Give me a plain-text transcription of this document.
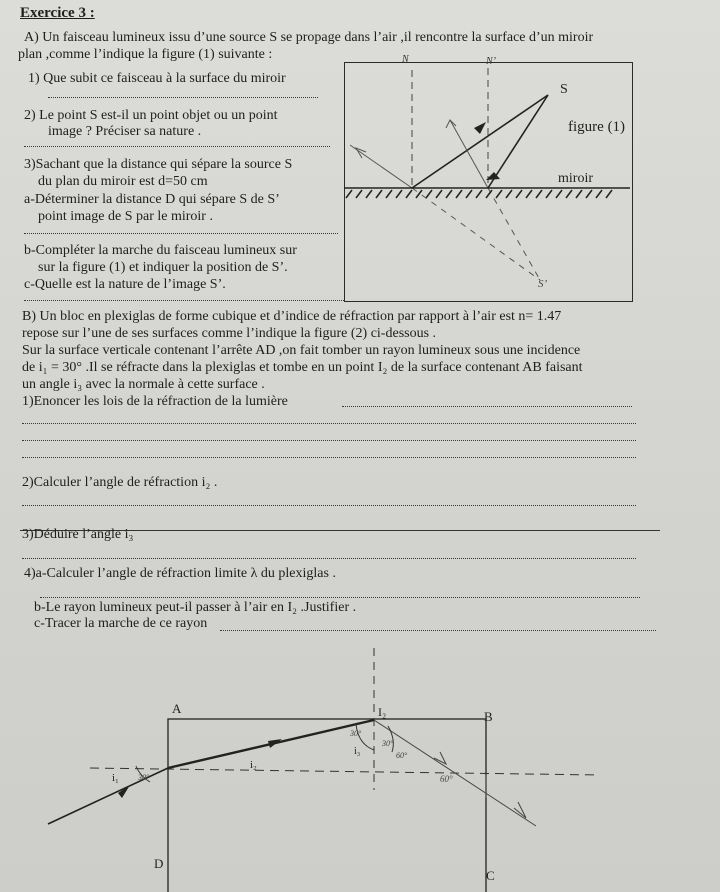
Exercice 3 :
A) Un faisceau lumineux issu d’une source S se propage dans l’air ,il rencontre la surface d’un miroir
plan ,comme l’indique la figure (1) suivante :
S
figure (1)
miroir
N	N’
S’
1) Que subit ce faisceau à la surface du miroir
2) Le point S est-il un point objet ou un point
image ? Préciser sa nature .
3)Sachant que la distance qui sépare la source S
du plan du miroir est d=50 cm
a-Déterminer la distance D qui sépare S de S’
point image de S par le miroir .
b-Compléter la marche du faisceau lumineux sur
sur la figure (1) et indiquer la position de S’.
c-Quelle est la nature de l’image S’.
B) Un bloc en plexiglas de forme cubique et d’indice de réfraction par rapport à l’air est n= 1.47
repose sur l’une de ses surfaces comme l’indique la figure (2) ci-dessous .
Sur la surface verticale contenant l’arrête AD ,on fait tomber un rayon lumineux sous une incidence
de i₁ = 30° .Il se réfracte dans la plexiglas et tombe en un point I₂ de la surface contenant AB faisant
un angle i₃ avec la normale à cette surface .
1)Enoncer les lois de la réfraction de la lumière
2)Calculer l’angle de réfraction i₂ .
3)Déduire l’angle i₃
4)a-Calculer l’angle de réfraction limite λ du plexiglas .
b-Le rayon lumineux peut-il passer à l’air en I₂ .Justifier .
c-Tracer la marche de ce rayon
A
B
C
D
I₂
i₁
i₂
i₃
30°
30°
30°
60°
60°
